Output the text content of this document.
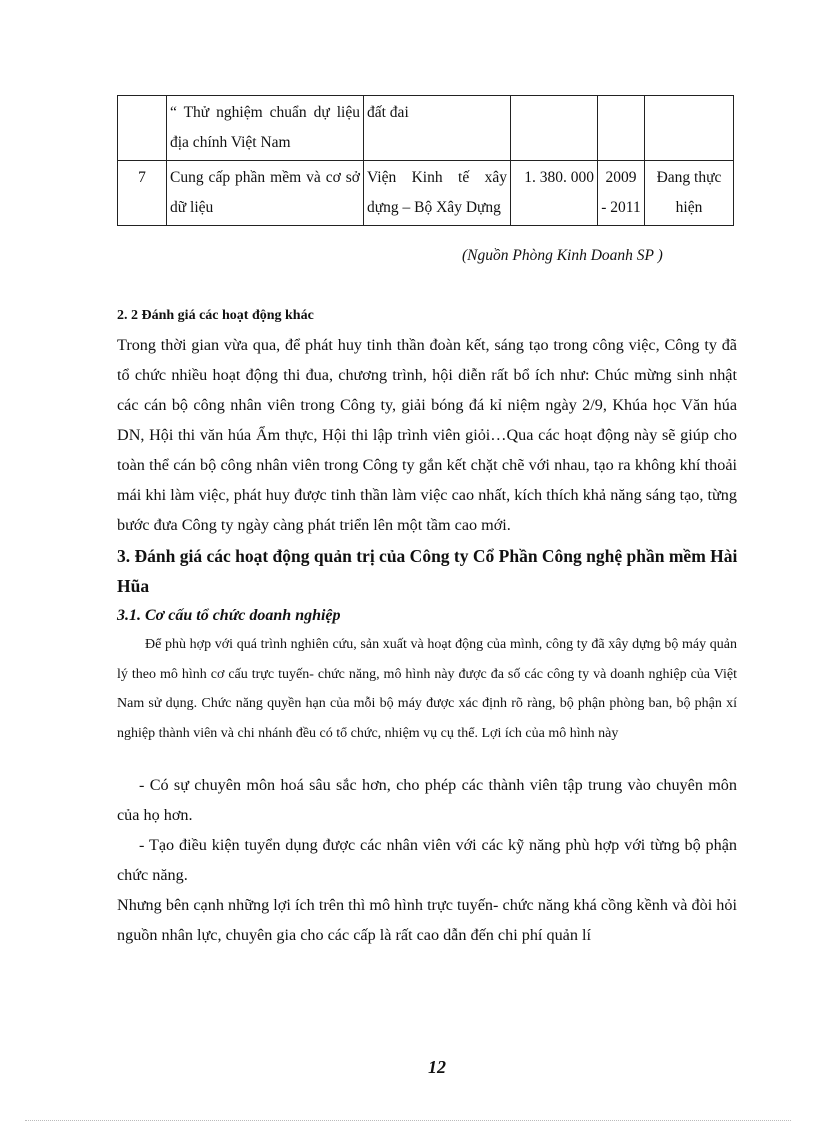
	“ Thử nghiệm chuẩn dự liệu địa chính Việt Nam	đất đai			
7	Cung cấp phần mềm và cơ sở dữ liệu	Viện Kinh tế xây dựng – Bộ Xây Dựng	1. 380. 000	2009 - 2011	Đang thực hiện
(Nguồn Phòng Kinh Doanh SP )
2. 2 Đánh giá các hoạt động khác
Trong thời gian vừa qua, để phát huy tinh thần đoàn kết, sáng tạo trong công việc, Công ty đã tổ chức nhiều hoạt động thi đua, chương trình, hội diễn rất bổ ích như: Chúc mừng sinh nhật các cán bộ công nhân viên trong Công ty, giải bóng đá kỉ niệm ngày 2/9, Khúa học Văn húa DN, Hội thi văn húa Ẩm thực, Hội thi lập trình viên giỏi…Qua các hoạt động này sẽ giúp cho toàn thể cán bộ công nhân viên trong Công ty gắn kết chặt chẽ với nhau, tạo ra không khí thoải mái khi làm việc, phát huy được tinh thần làm việc cao nhất, kích thích khả năng sáng tạo, từng bước đưa Công ty ngày càng phát triển lên một tầm cao mới.
3. Đánh giá các hoạt động quản trị của Công ty Cổ Phần Công nghệ phần mềm Hài Hũa
3.1. Cơ cấu tổ chức doanh nghiệp
Để phù hợp với quá trình nghiên cứu, sản xuất và hoạt động của mình, công ty đã xây dựng bộ máy quản lý theo mô hình cơ cấu trực tuyến- chức năng, mô hình này được đa số các công ty và doanh nghiệp của Việt Nam sử dụng. Chức năng quyền hạn của mỗi bộ máy được xác định rõ ràng, bộ phận phòng ban, bộ phận xí nghiệp thành viên và chi nhánh đều có tổ chức, nhiệm vụ cụ thể. Lợi ích của mô hình này
- Có sự chuyên môn hoá sâu sắc hơn, cho phép các thành viên tập trung vào chuyên môn của họ hơn.
- Tạo điều kiện tuyển dụng được các nhân viên với các kỹ năng phù hợp với từng bộ phận chức năng.
Nhưng bên cạnh những lợi ích trên thì mô hình trực tuyến- chức năng khá cồng kềnh và đòi hỏi nguồn nhân lực, chuyên gia cho các cấp là rất cao dẫn đến chi phí quản lí
12
